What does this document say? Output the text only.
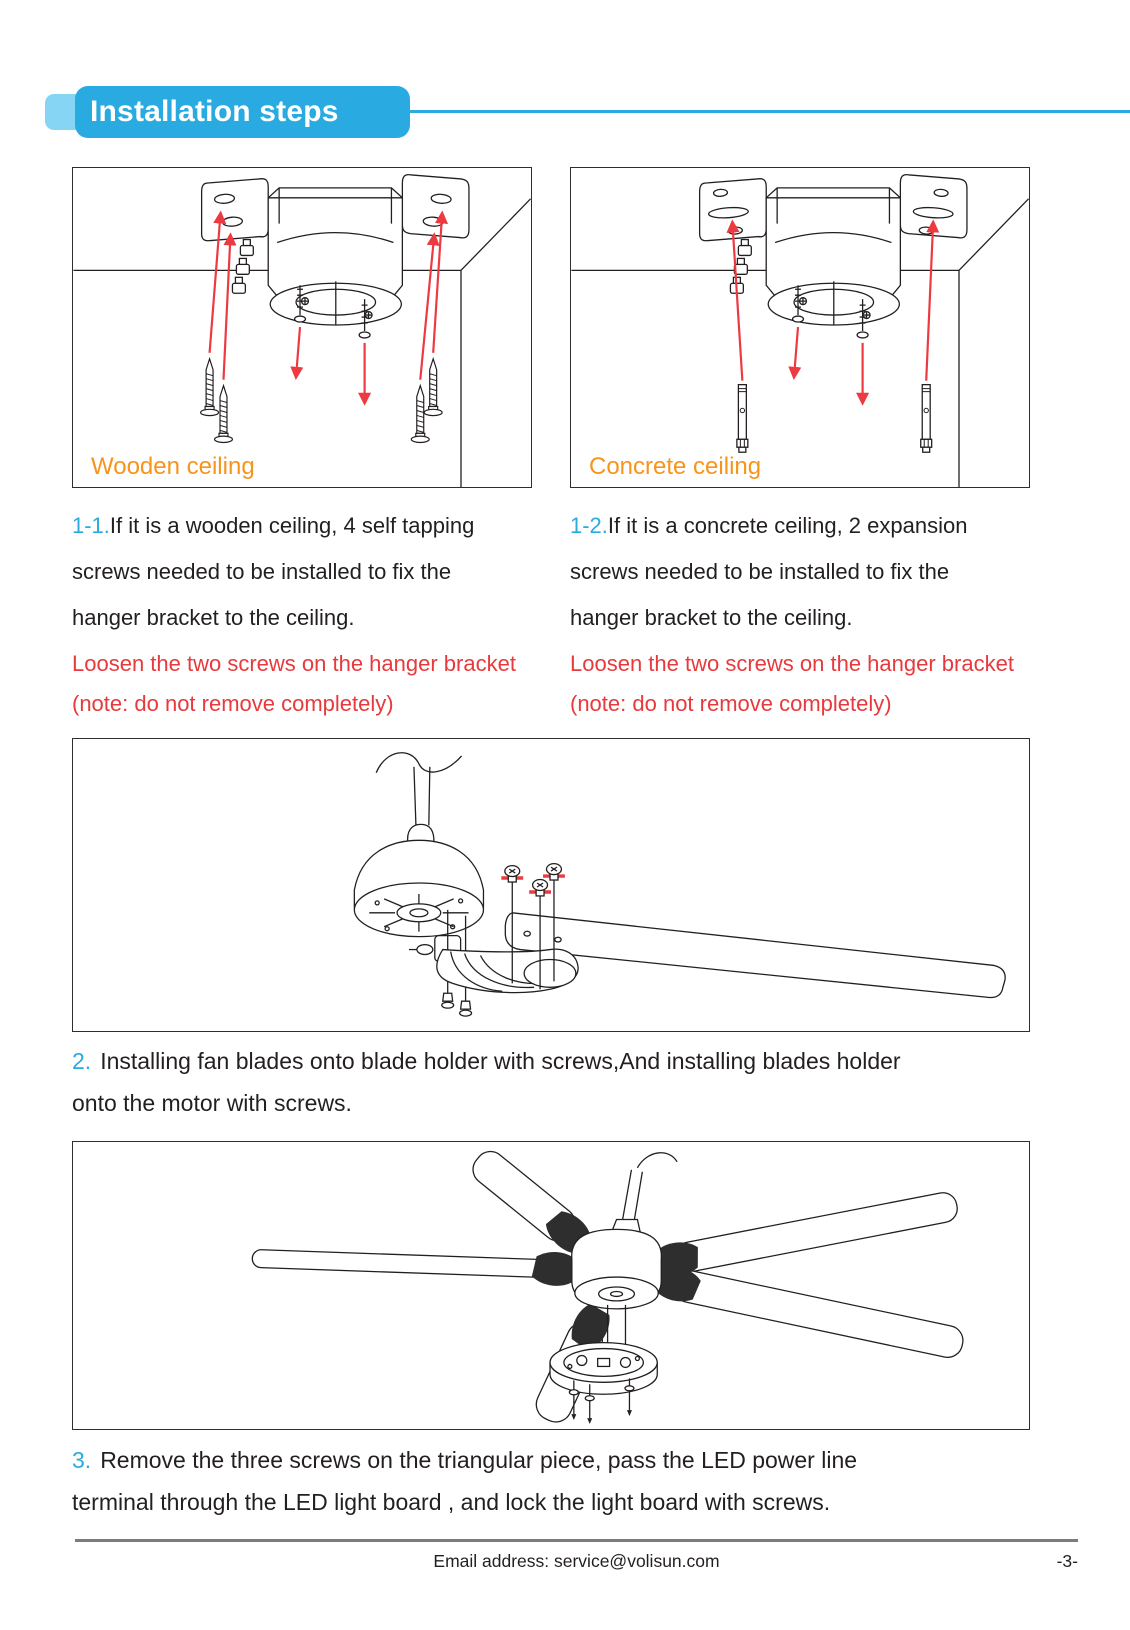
Installation steps
Wooden ceiling	Concrete ceiling
1-1.If it is a wooden ceiling, 4 self tapping
screws needed to be installed to fix the
hanger bracket to the ceiling.
Loosen the two screws on the hanger bracket
(note: do not remove completely)
1-2.If it is a concrete ceiling, 2 expansion
screws needed to be installed to fix the
hanger bracket to the ceiling.
Loosen the two screws on the hanger bracket
(note: do not remove completely)
2. Installing fan blades onto blade holder with screws,And installing blades holder
onto the motor with screws.
3. Remove the three screws on the triangular piece, pass the LED power line
terminal through the LED light board , and lock the light board with screws.
Email address: service@volisun.com	-3-
